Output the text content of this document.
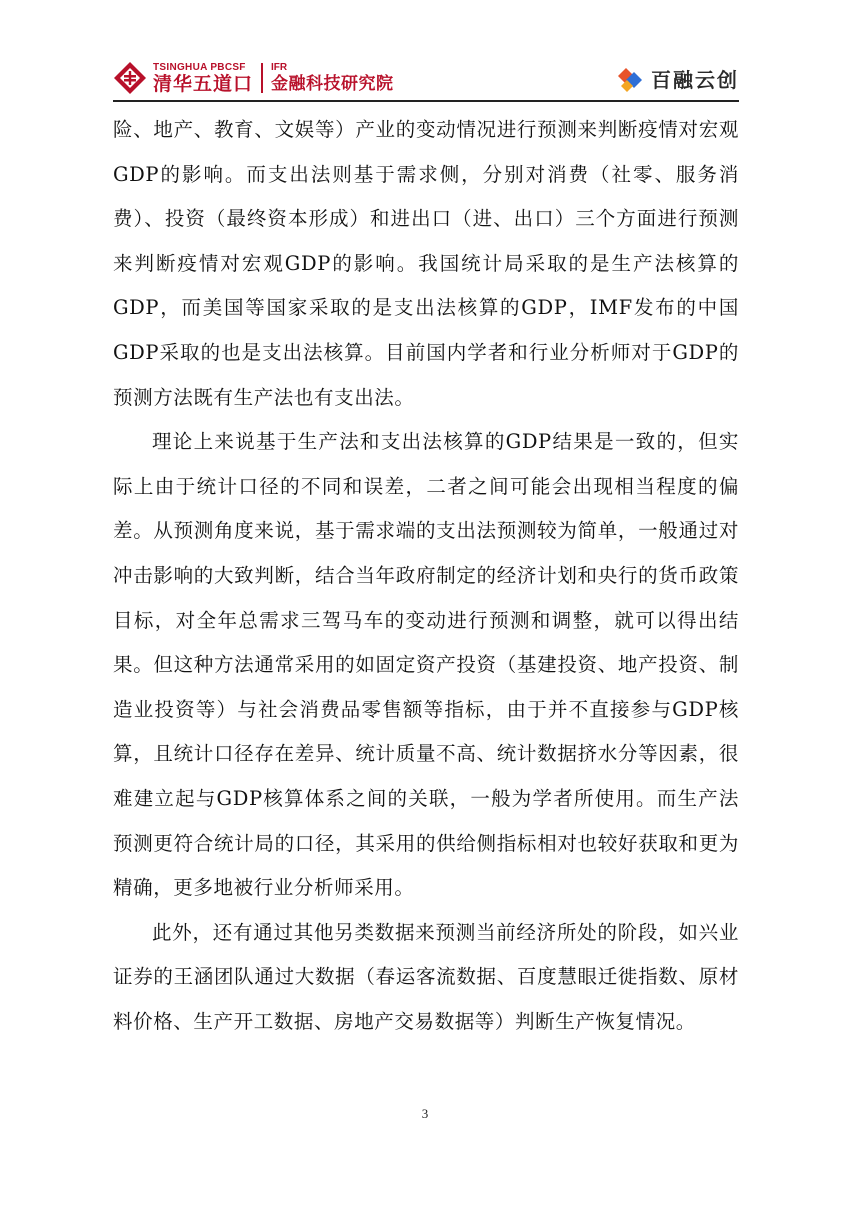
TSINGHUA PBCSF
清华五道口
IFR
金融科技研究院	百融云创

险、地产、教育、文娱等）产业的变动情况进行预测来判断疫情对宏观GDP的影响。而支出法则基于需求侧，分别对消费（社零、服务消费）、投资（最终资本形成）和进出口（进、出口）三个方面进行预测来判断疫情对宏观GDP的影响。我国统计局采取的是生产法核算的GDP，而美国等国家采取的是支出法核算的GDP，IMF发布的中国GDP采取的也是支出法核算。目前国内学者和行业分析师对于GDP的预测方法既有生产法也有支出法。

理论上来说基于生产法和支出法核算的GDP结果是一致的，但实际上由于统计口径的不同和误差，二者之间可能会出现相当程度的偏差。从预测角度来说，基于需求端的支出法预测较为简单，一般通过对冲击影响的大致判断，结合当年政府制定的经济计划和央行的货币政策目标，对全年总需求三驾马车的变动进行预测和调整，就可以得出结果。但这种方法通常采用的如固定资产投资（基建投资、地产投资、制造业投资等）与社会消费品零售额等指标，由于并不直接参与GDP核算，且统计口径存在差异、统计质量不高、统计数据挤水分等因素，很难建立起与GDP核算体系之间的关联，一般为学者所使用。而生产法预测更符合统计局的口径，其采用的供给侧指标相对也较好获取和更为精确，更多地被行业分析师采用。

此外，还有通过其他另类数据来预测当前经济所处的阶段，如兴业证券的王涵团队通过大数据（春运客流数据、百度慧眼迁徙指数、原材料价格、生产开工数据、房地产交易数据等）判断生产恢复情况。

3
